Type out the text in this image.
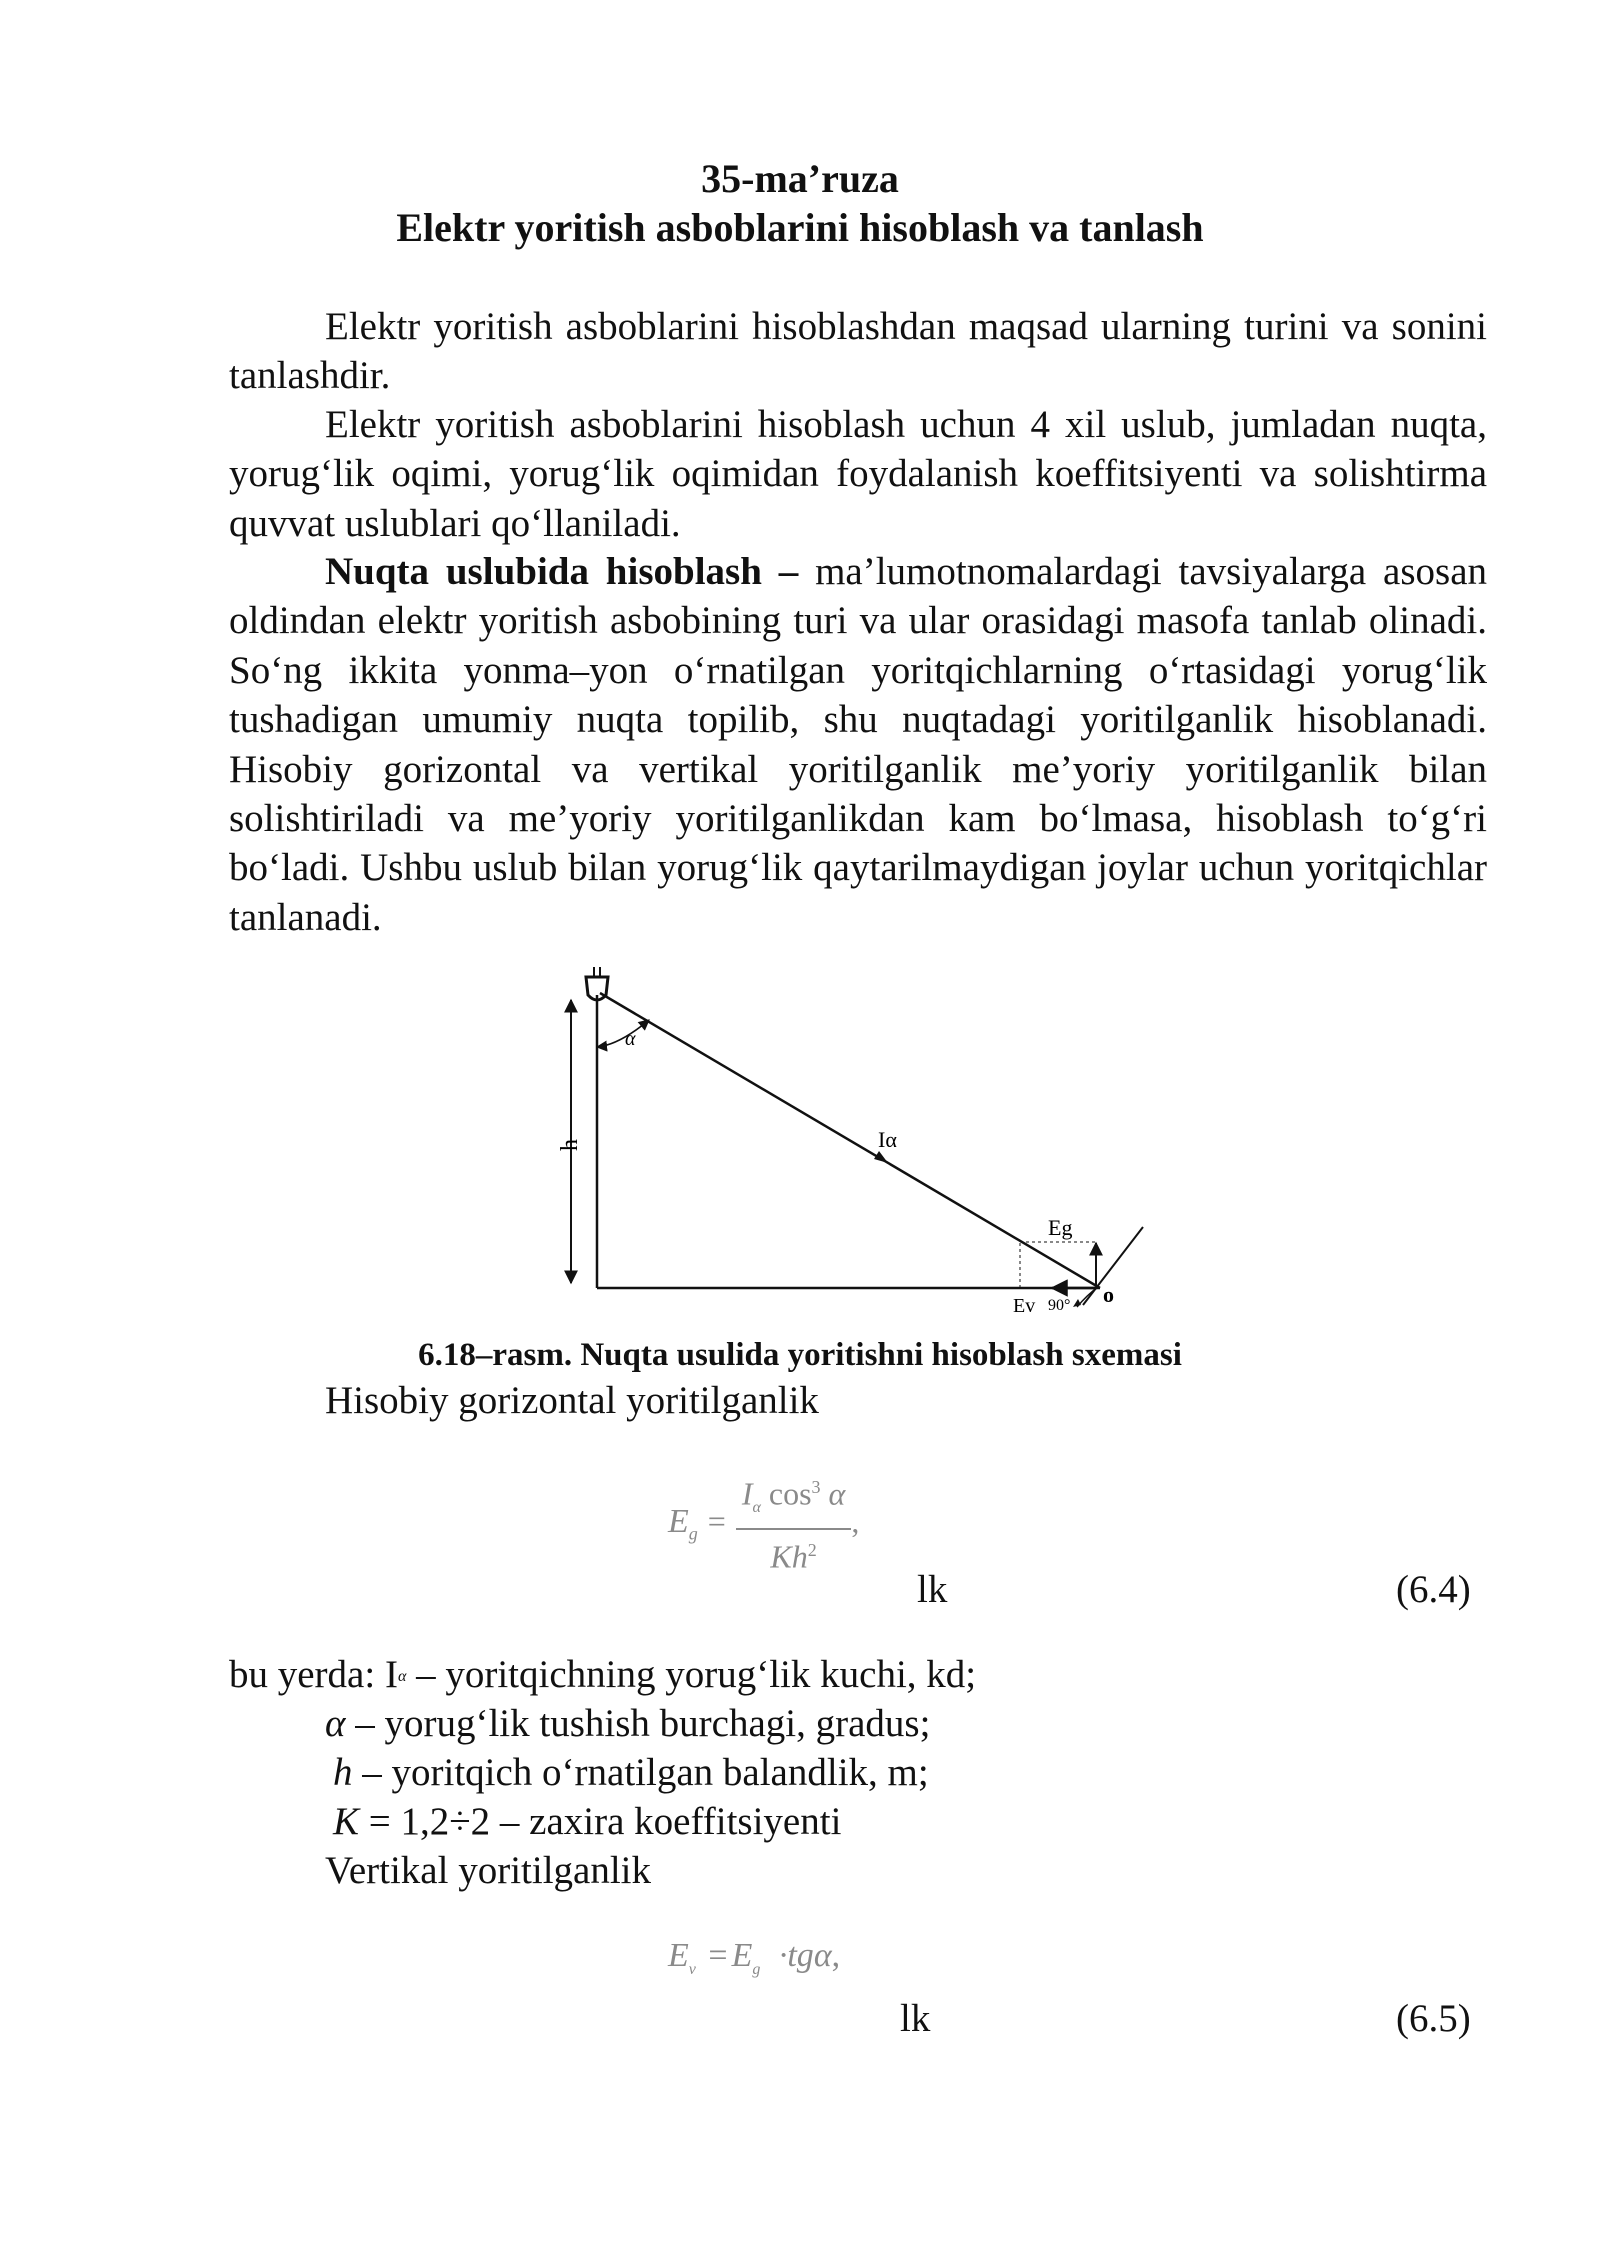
35-ma’ruza
Elektr yoritish asboblarini hisoblash va tanlash

Elektr yoritish asboblarini hisoblashdan maqsad ularning turini va sonini tanlashdir.

Elektr yoritish asboblarini hisoblash uchun 4 xil uslub, jumladan nuqta, yorug‘lik oqimi, yorug‘lik oqimidan foydalanish koeffitsiyenti va solishtirma quvvat uslublari qo‘llaniladi.

Nuqta uslubida hisoblash – ma’lumotnomalardagi tavsiyalarga asosan oldindan elektr yoritish asbobining turi va ular orasidagi masofa tanlab olinadi. So‘ng ikkita yonma–yon o‘rnatilgan yoritqichlarning o‘rtasidagi yorug‘lik tushadigan umumiy nuqta topilib, shu nuqtadagi yoritilganlik hisoblanadi. Hisobiy gorizontal va vertikal yoritilganlik me’yoriy yoritilganlik bilan solishtiriladi va me’yoriy yoritilganlikdan kam bo‘lmasa, hisoblash to‘g‘ri bo‘ladi. Ushbu uslub bilan yorug‘lik qaytarilmaydigan joylar uchun yoritqichlar tanlanadi.

h
α
Iα
Eg
Ev 90° o
6.18–rasm. Nuqta usulida yoritishni hisoblash sxemasi
Hisobiy gorizontal yoritilganlik
$E_g = \frac{I_\alpha \cos^3 \alpha}{Kh^2}$ ,
lk	(6.4)
bu yerda: $I_\alpha$ – yoritqichning yorug‘lik kuchi, kd;
α – yorug‘lik tushish burchagi, gradus;
h – yoritqich o‘rnatilgan balandlik, m;
K = 1,2÷2 – zaxira koeffitsiyenti
Vertikal yoritilganlik
$E_v = E_g \cdot tg\alpha$,
lk	(6.5)
